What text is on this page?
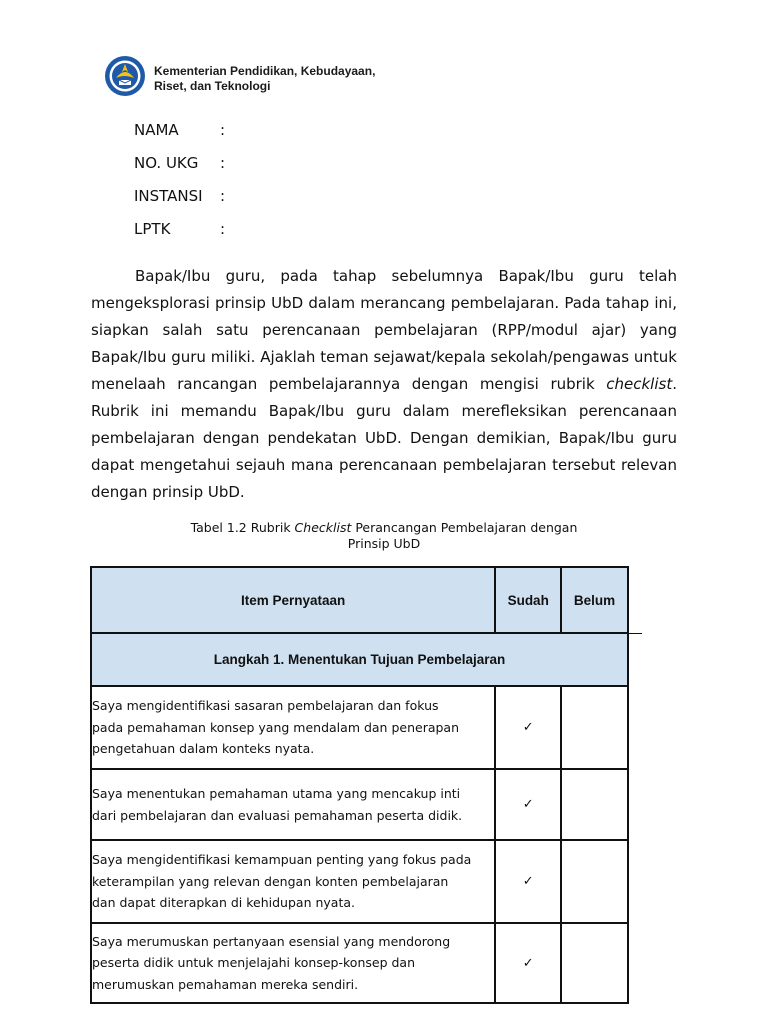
Kementerian Pendidikan, Kebudayaan,
Riset, dan Teknologi
NAMA	:
NO. UKG :
INSTANSI :
LPTK	:

Bapak/Ibu guru, pada tahap sebelumnya Bapak/Ibu guru telah mengeksplorasi prinsip UbD dalam merancang pembelajaran. Pada tahap ini, siapkan salah satu perencanaan pembelajaran (RPP/modul ajar) yang Bapak/Ibu guru miliki. Ajaklah teman sejawat/kepala sekolah/pengawas untuk menelaah rancangan pembelajarannya dengan mengisi rubrik checklist. Rubrik ini memandu Bapak/Ibu guru dalam merefleksikan perencanaan pembelajaran dengan pendekatan UbD. Dengan demikian, Bapak/Ibu guru dapat mengetahui sejauh mana perencanaan pembelajaran tersebut relevan dengan prinsip UbD.

Tabel 1.2 Rubrik Checklist Perancangan Pembelajaran dengan
Prinsip UbD
Item Pernyataan	Sudah	Belum
Langkah 1. Menentukan Tujuan Pembelajaran		

Saya mengidentifikasi sasaran pembelajaran dan fokus
pada pemahaman konsep yang mendalam dan penerapan
pengetahuan dalam konteks nyata.	✓	

Saya menentukan pemahaman utama yang mencakup inti
dari pembelajaran dan evaluasi pemahaman peserta didik.	✓	

Saya mengidentifikasi kemampuan penting yang fokus pada
keterampilan yang relevan dengan konten pembelajaran
dan dapat diterapkan di kehidupan nyata.	✓	

Saya merumuskan pertanyaan esensial yang mendorong
peserta didik untuk menjelajahi konsep-konsep dan
merumuskan pemahaman mereka sendiri.	✓	
